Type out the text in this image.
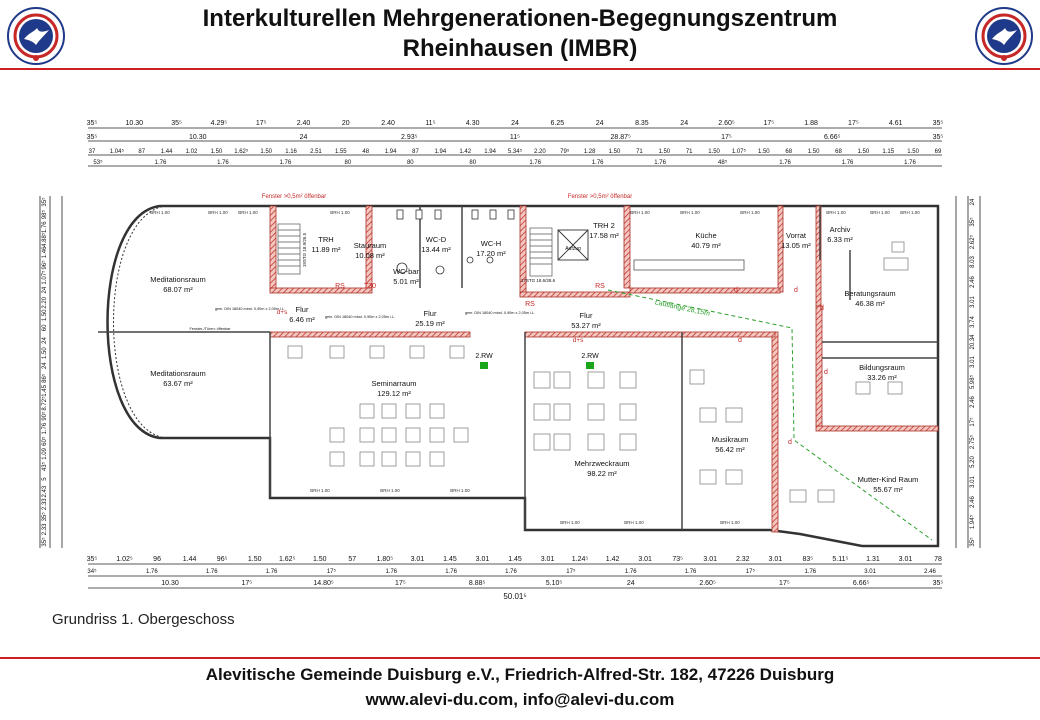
Interkulturellen Mehrgenerationen-Begegnungszentrum
Rheinhausen (IMBR)
35⁵	10.30	35⁵	4.29⁵	17⁵	2.40	20	2.40	11⁵	4.30	24	6.25	24	8.35	24	2.60⁵	17⁵	1.88	17⁵	4.61	35⁵
35⁵	10.30	24	2.93⁵	11⁵	28.87⁵	17⁵	6.66⁵	35⁵
37 1.04⁵ 87	1.44 1.02 1.50 1.62⁵ 1.50 1.16 2.51 1.55	48	1.94	87	1.94 1.42 1.94 5.34⁵ 2.20 79⁵ 1.28 1.50	71	1.50	71	1.50 1.07⁵ 1.50	68	1.50	68	1.50 1.15 1.50	69
53⁵	1.76	1.76	1.76	80	80	80	1.76	1.76	1.76	48⁵	1.76	1.76	1.76
35⁵	1.02⁵	96	1.44	96⁵	1.50 1.62⁵ 1.50	57	1.80⁵ 3.01	1.45	3.01	1.45	3.01 1.24⁵ 1.42	3.01	73⁵	3.01	2.32	3.01	83⁵	5.11⁵	1.31	3.01	78
34⁵	1.76	1.76	1.76	17⁵	1.76	1.76	1.76	17⁵	1.76	1.76	17⁵	1.76	3.01	2.46
10.30	17⁵	14.80⁵	17⁵	8.88⁵	5.10⁵	24	2.60⁵	17⁵	6.66⁵	35⁵
50.01⁵
35⁵
98⁵
1.76
4.88⁵
1.46
96⁵
1.07⁵
24
2.20
1.50
60
24
1.50
24
86⁵
1.45
8.72⁵
90⁵
1.76
60⁵
1.09
43⁵
5
2.43
2.33
35⁵
2.33
35⁵
24
35⁵
2.62⁵
8.03
2.46
3.01
3.74
20.34
3.01
5.98⁵
2.46
17⁵
2.75⁵
5.20
3.01
2.46
1.94⁵
35⁵
Meditationsraum
68.07 m²
Meditationsraum
63.67 m²
TRH
11.89 m² Stauraum
10.08 m²
WC-D
13.44 m²
WC-bar
5.01 m²
WC-H
17.20 m²
TRH 2
17.58 m²	Küche
40.79 m²
Vorrat
13.05 m²
Archiv
6.33 m²
Beratungsraum
46.38 m²
Flur
6.46 m²
Flur
25.19 m²
Flur
53.27 m²
Bildungsraum
33.26 m²
Seminarraum
129.12 m²
Mehrzweckraum
98.22 m²
Musikraum
56.42 m²
Mutter-Kind Raum
55.67 m²
Fenster >0,5m² öffenbar	Fenster >0,5m² öffenbar
BRH 1.00	BRH 1.00 BRH 1.00	BRH 1.00	BRH 1.00	BRH 1.00	BRH 1.00	BRH 1.00	BRH 1.00 BRH 1.00
BRH 1.00	BRH 1.00	BRH 1.00
BRH 1.00	BRH 1.00	BRH 1.00
Lauflänge 28,15m
RS	T30
RS
RS
d+s
d+s
d
d
d
d
d
d
2.RW	2.RW
Aufzug
19STG 18.9/26.5
17STG 18.6/28.6
gem. DIN 18040 mind. 0,90m x 2,05m i.L.
gem. DIN 18040 mind. 0,90m x 2,05m i.L.
gem. DIN 18040 mind. 0,90m x 2,05m i.L.
Fenster-/Türen: öffenbar
Grundriss 1. Obergeschoss
Alevitische Gemeinde Duisburg e.V., Friedrich-Alfred-Str. 182, 47226 Duisburg
www.alevi-du.com, info@alevi-du.com
